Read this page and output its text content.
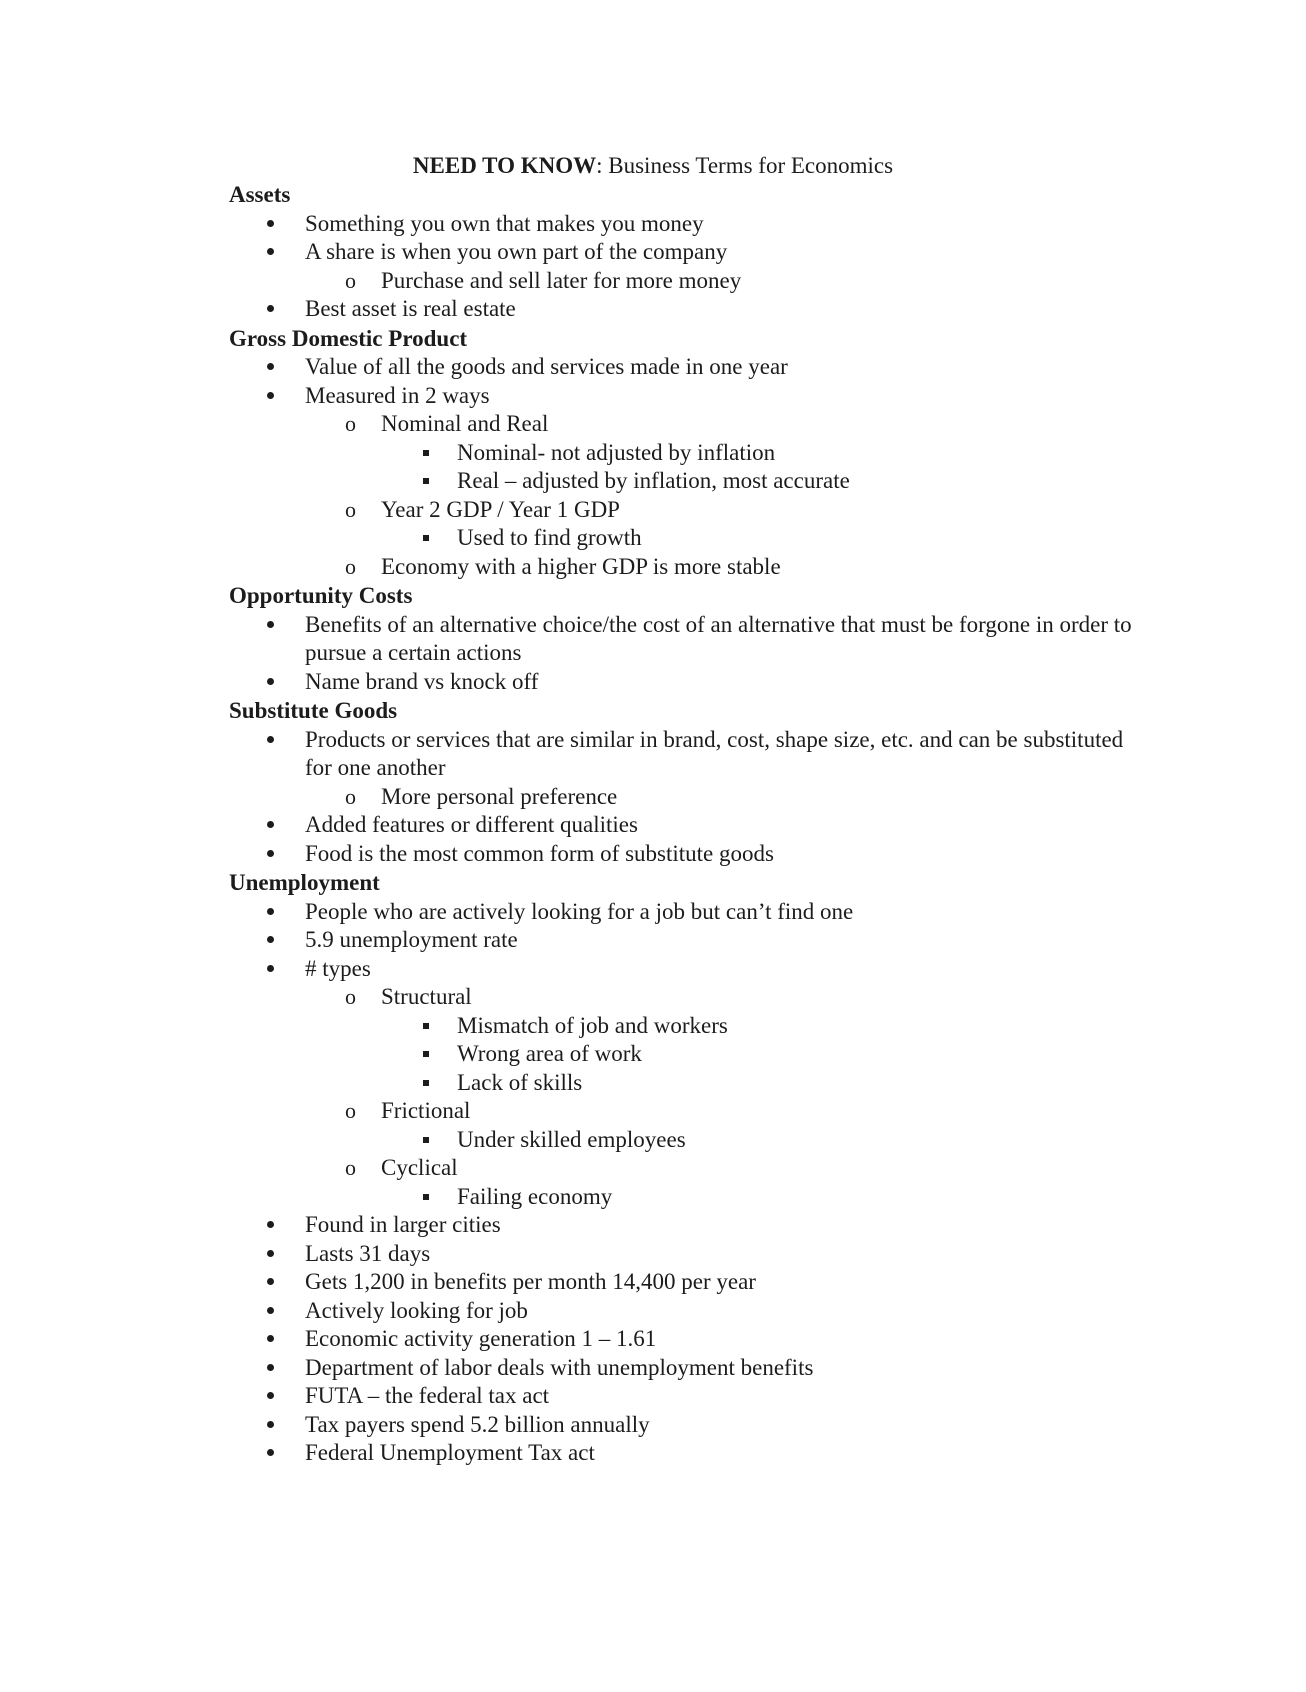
NEED TO KNOW: Business Terms for Economics

Assets

Something you own that makes you money
A share is when you own part of the company
o	Purchase and sell later for more money
Best asset is real estate

Gross Domestic Product

Value of all the goods and services made in one year
Measured in 2 ways
o	Nominal and Real
Nominal- not adjusted by inflation
Real – adjusted by inflation, most accurate
o	Year 2 GDP / Year 1 GDP
Used to find growth
o	Economy with a higher GDP is more stable

Opportunity Costs

Benefits of an alternative choice/the cost of an alternative that must be forgone in order to pursue a certain actions
Name brand vs knock off

Substitute Goods

Products or services that are similar in brand, cost, shape size, etc. and can be substituted for one another
o	More personal preference
Added features or different qualities
Food is the most common form of substitute goods

Unemployment

People who are actively looking for a job but can’t find one
5.9 unemployment rate
# types
o	Structural
Mismatch of job and workers
Wrong area of work
Lack of skills
o	Frictional
Under skilled employees
o	Cyclical
Failing economy
Found in larger cities
Lasts 31 days
Gets 1,200 in benefits per month 14,400 per year
Actively looking for job
Economic activity generation 1 – 1.61
Department of labor deals with unemployment benefits
FUTA – the federal tax act
Tax payers spend 5.2 billion annually
Federal Unemployment Tax act
